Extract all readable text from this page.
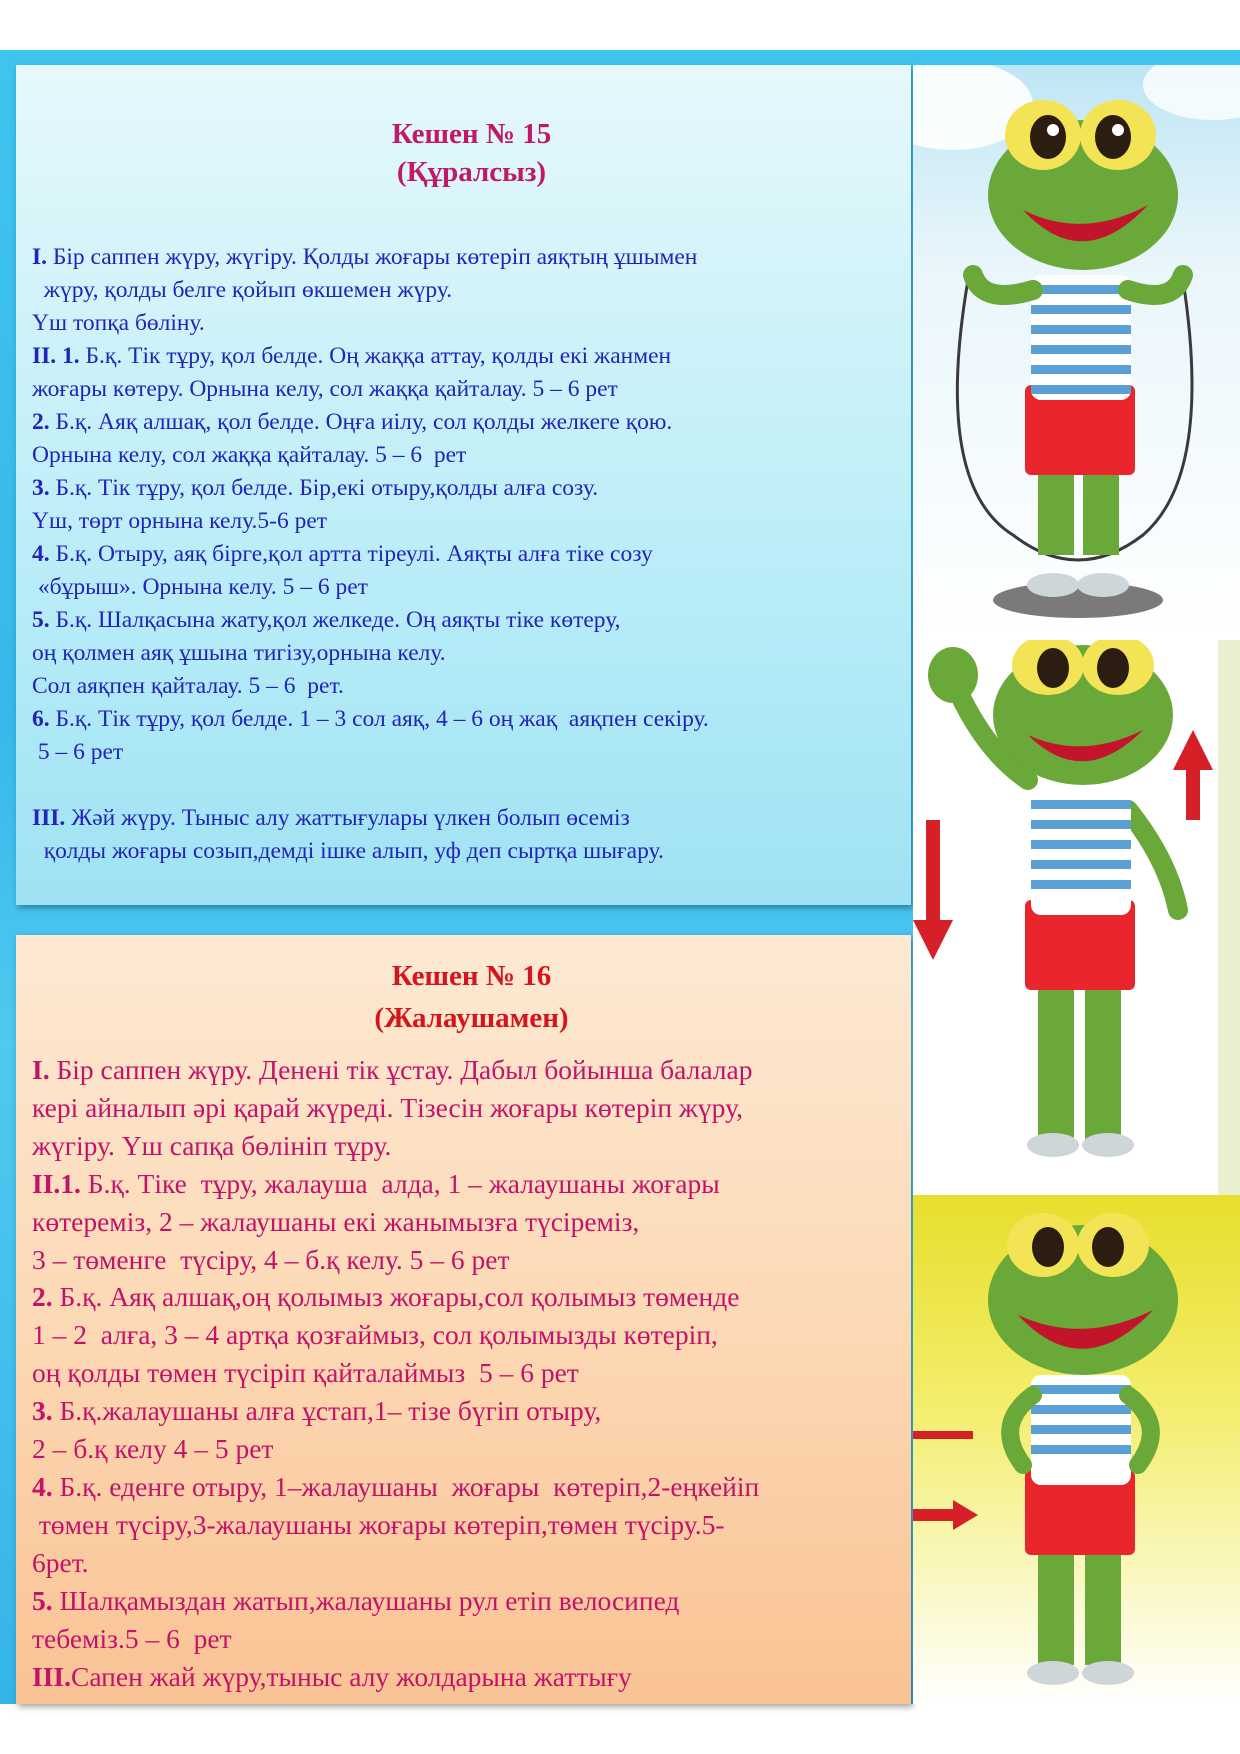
Кешен № 15

(Құралсыз)

I. Бір саппен жүру, жүгіру. Қолды жоғары көтеріп аяқтың ұшымен
жүру, қолды белге қойып өкшемен жүру.
Үш топқа бөліну.
II. 1. Б.қ. Тік тұру, қол белде. Оң жаққа аттау, қолды екі жанмен
жоғары көтеру. Орнына келу, сол жаққа қайталау. 5 – 6 рет
2. Б.қ. Аяқ алшақ, қол белде. Оңға иілу, сол қолды желкеге қою.
Орнына келу, сол жаққа қайталау. 5 – 6  рет
3. Б.қ. Тік тұру, қол белде. Бір,екі отыру,қолды алға созу.
Үш, төрт орнына келу.5-6 рет
4. Б.қ. Отыру, аяқ бірге,қол артта тіреулі. Аяқты алға тіке созу
«бұрыш». Орнына келу. 5 – 6 рет
5. Б.қ. Шалқасына жату,қол желкеде. Оң аяқты тіке көтеру,
оң қолмен аяқ ұшына тигізу,орнына келу.
Сол аяқпен қайталау. 5 – 6  рет.
6. Б.қ. Тік тұру, қол белде. 1 – 3 сол аяқ, 4 – 6 оң жақ  аяқпен секіру.
5 – 6 рет
III. Жәй жүру. Тыныс алу жаттығулары үлкен болып өсеміз
қолды жоғары созып,демді ішке алып, уф деп сыртқа шығару.

Кешен № 16

(Жалаушамен)

I. Бір саппен жүру. Денені тік ұстау. Дабыл бойынша балалар
кері айналып әрі қарай жүреді. Тізесін жоғары көтеріп жүру,
жүгіру. Үш сапқа бөлініп тұру.
II.1. Б.қ. Тіке  тұру, жалауша  алда, 1 – жалаушаны жоғары
көтереміз, 2 – жалаушаны екі жанымызға түсіреміз,
3 – төменге  түсіру, 4 – б.қ келу. 5 – 6 рет
2. Б.қ. Аяқ алшақ,оң қолымыз жоғары,сол қолымыз төменде
1 – 2  алға, 3 – 4 артқа қозғаймыз, сол қолымызды көтеріп,
оң қолды төмен түсіріп қайталаймыз  5 – 6 рет
3. Б.қ.жалаушаны алға ұстап,1– тізе бүгіп отыру,
2 – б.қ келу 4 – 5 рет
4. Б.қ. еденге отыру, 1–жалаушаны  жоғары  көтеріп,2-еңкейіп
төмен түсіру,3-жалаушаны жоғары көтеріп,төмен түсіру.5-
6рет.
5. Шалқамыздан жатып,жалаушаны рул етіп велосипед
тебеміз.5 – 6  рет
III.Сапен жай жүру,тыныс алу жолдарына жаттығу
